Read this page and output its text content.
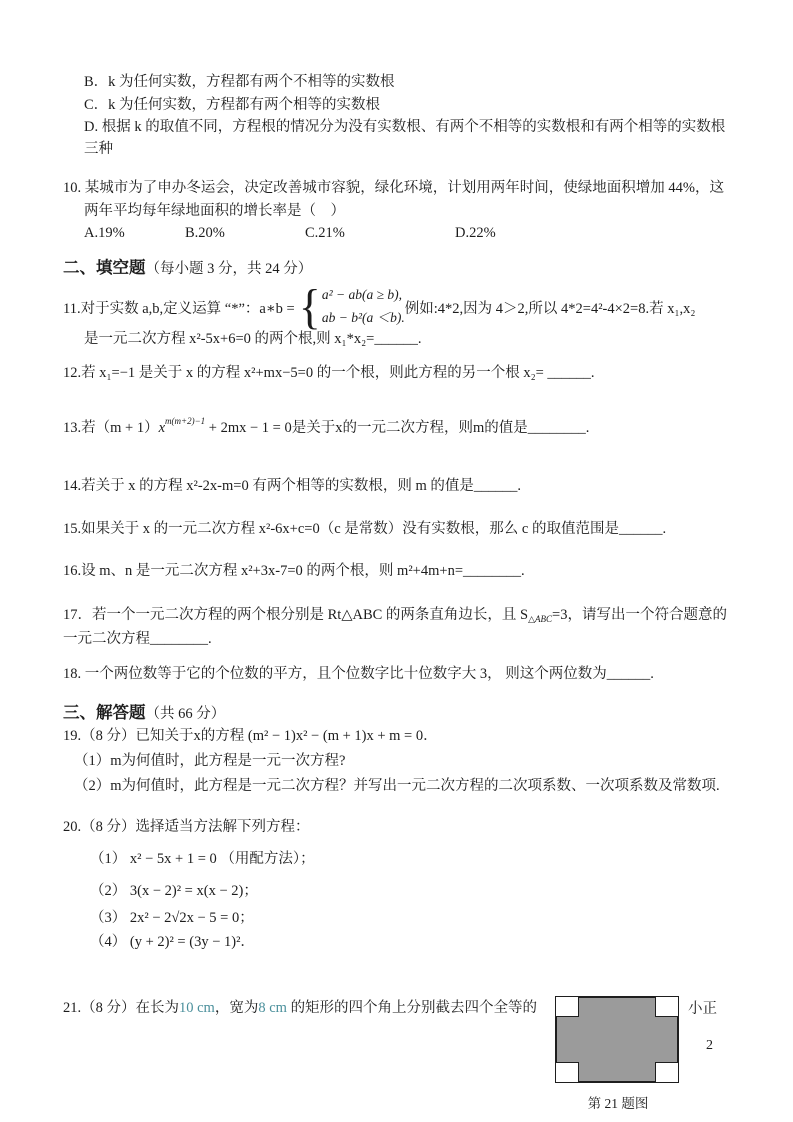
B．k 为任何实数，方程都有两个不相等的实数根
C．k 为任何实数，方程都有两个相等的实数根
D. 根据 k 的取值不同，方程根的情况分为没有实数根、有两个不相等的实数根和有两个相等的实数根
三种
10. 某城市为了申办冬运会，决定改善城市容貌，绿化环境，计划用两年时间，使绿地面积增加 44%，这
两年平均每年绿地面积的增长率是（　）
A.19%	B.20%	C.21%	D.22%
二、填空题（每小题 3 分，共 24 分）
11.对于实数 a,b,定义运算 “*”：a∗b = { a² − ab(a ≥ b),
ab − b²(a ＜b).
例如:4*2,因为 4＞2,所以 4*2=4²-4×2=8.若 x₁,x₂
是一元二次方程 x²-5x+6=0 的两个根,则 x₁*x₂=______.
12.若 x₁=−1 是关于 x 的方程 x²+mx−5=0 的一个根，则此方程的另一个根 x₂= ______.
13.若$(m + 1)x^{m(m+2)-1} + 2mx - 1 = 0$是关于x的一元二次方程，则m的值是________.
14.若关于 x 的方程 x²-2x-m=0 有两个相等的实数根，则 m 的值是______.
15.如果关于 x 的一元二次方程 x²-6x+c=0（c 是常数）没有实数根，那么 c 的取值范围是______.
16.设 m、n 是一元二次方程 x²+3x-7=0 的两个根，则 m²+4m+n=________.
17．若一个一元二次方程的两个根分别是 Rt△ABC 的两条直角边长，且 $S_{\triangle ABC}=3$，请写出一个符合题意的
一元二次方程________.
18. 一个两位数等于它的个位数的平方，且个位数字比十位数字大 3， 则这个两位数为______.
三、解答题（共 66 分）
19.（8 分）已知关于x的方程 (m² − 1)x² − (m + 1)x + m = 0．
（1）m为何值时，此方程是一元一次方程?
（2）m为何值时，此方程是一元二次方程？并写出一元二次方程的二次项系数、一次项系数及常数项.
20.（8 分）选择适当方法解下列方程：
（1） x² − 5x + 1 = 0 （用配方法）；
（2） 3(x − 2)² = x(x − 2)；
（3） 2x² − 2√2x − 5 = 0；
（4） (y + 2)² = (3y − 1)²．
21.（8 分）在长为10 cm，宽为8 cm 的矩形的四个角上分别截去四个全等的	小正
第 21 题图
2
